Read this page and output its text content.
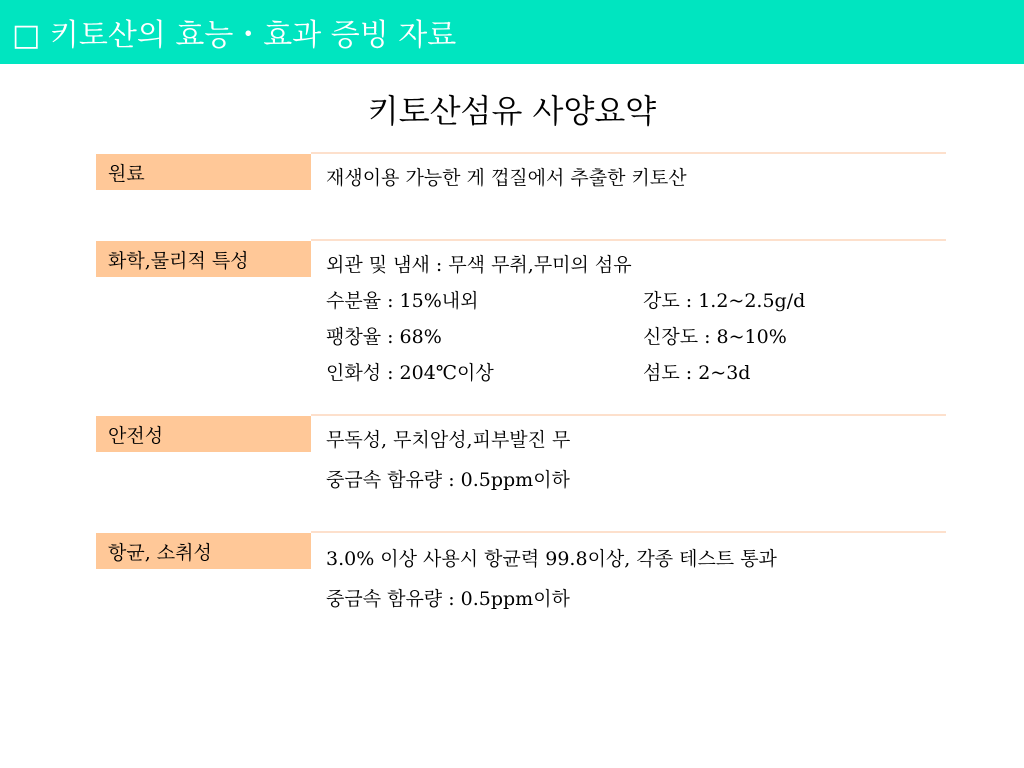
□ 키토산의 효능・효과 증빙 자료
키토산섬유 사양요약
원료	재생이용 가능한 게 껍질에서 추출한 키토산
화학,물리적 특성	외관 및 냄새 : 무색 무취,무미의 섬유
수분율 : 15%내외	강도 : 1.2~2.5g/d
팽창율 : 68%	신장도 : 8~10%
인화성 : 204℃이상	섬도 : 2~3d
안전성	무독성, 무치암성,피부발진 무
중금속 함유량 : 0.5ppm이하
항균, 소취성	3.0% 이상 사용시 항균력 99.8이상, 각종 테스트 통과
중금속 함유량 : 0.5ppm이하
